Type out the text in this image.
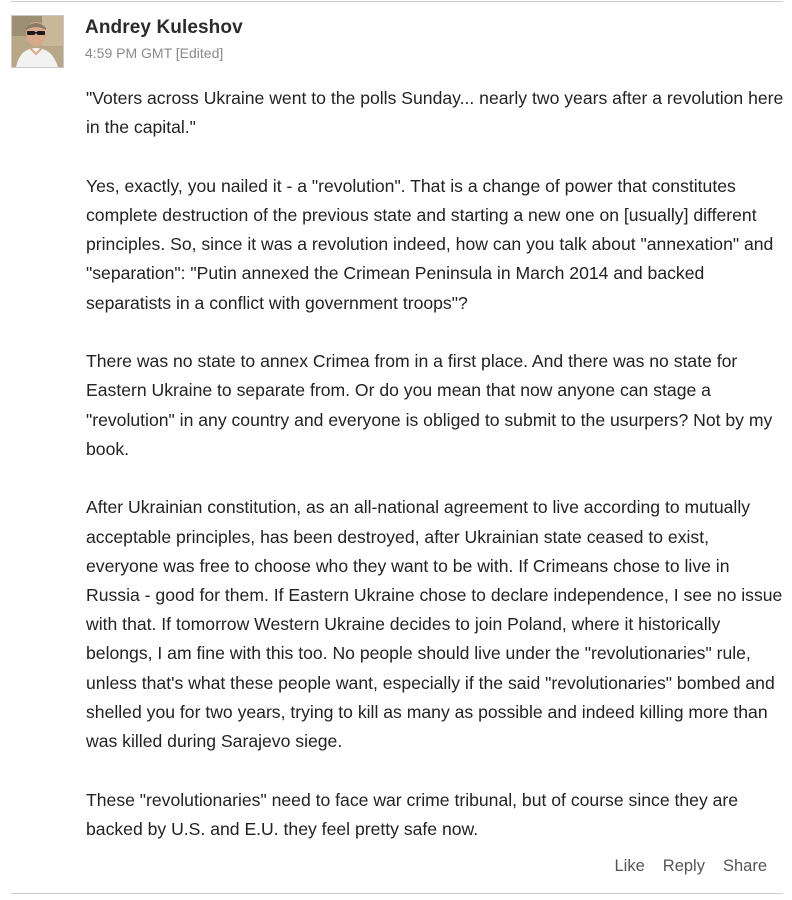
Andrey Kuleshov
4:59 PM GMT [Edited]

"Voters across Ukraine went to the polls Sunday... nearly two years after a revolution here in the capital."

Yes, exactly, you nailed it - a "revolution". That is a change of power that constitutes complete destruction of the previous state and starting a new one on [usually] different principles. So, since it was a revolution indeed, how can you talk about "annexation" and "separation": "Putin annexed the Crimean Peninsula in March 2014 and backed separatists in a conflict with government troops"?

There was no state to annex Crimea from in a first place. And there was no state for Eastern Ukraine to separate from. Or do you mean that now anyone can stage a "revolution" in any country and everyone is obliged to submit to the usurpers? Not by my book.

After Ukrainian constitution, as an all-national agreement to live according to mutually acceptable principles, has been destroyed, after Ukrainian state ceased to exist, everyone was free to choose who they want to be with. If Crimeans chose to live in Russia - good for them. If Eastern Ukraine chose to declare independence, I see no issue with that. If tomorrow Western Ukraine decides to join Poland, where it historically belongs, I am fine with this too. No people should live under the "revolutionaries" rule, unless that's what these people want, especially if the said "revolutionaries" bombed and shelled you for two years, trying to kill as many as possible and indeed killing more than was killed during Sarajevo siege.

These "revolutionaries" need to face war crime tribunal, but of course since they are backed by U.S. and E.U. they feel pretty safe now.

Like Reply Share
